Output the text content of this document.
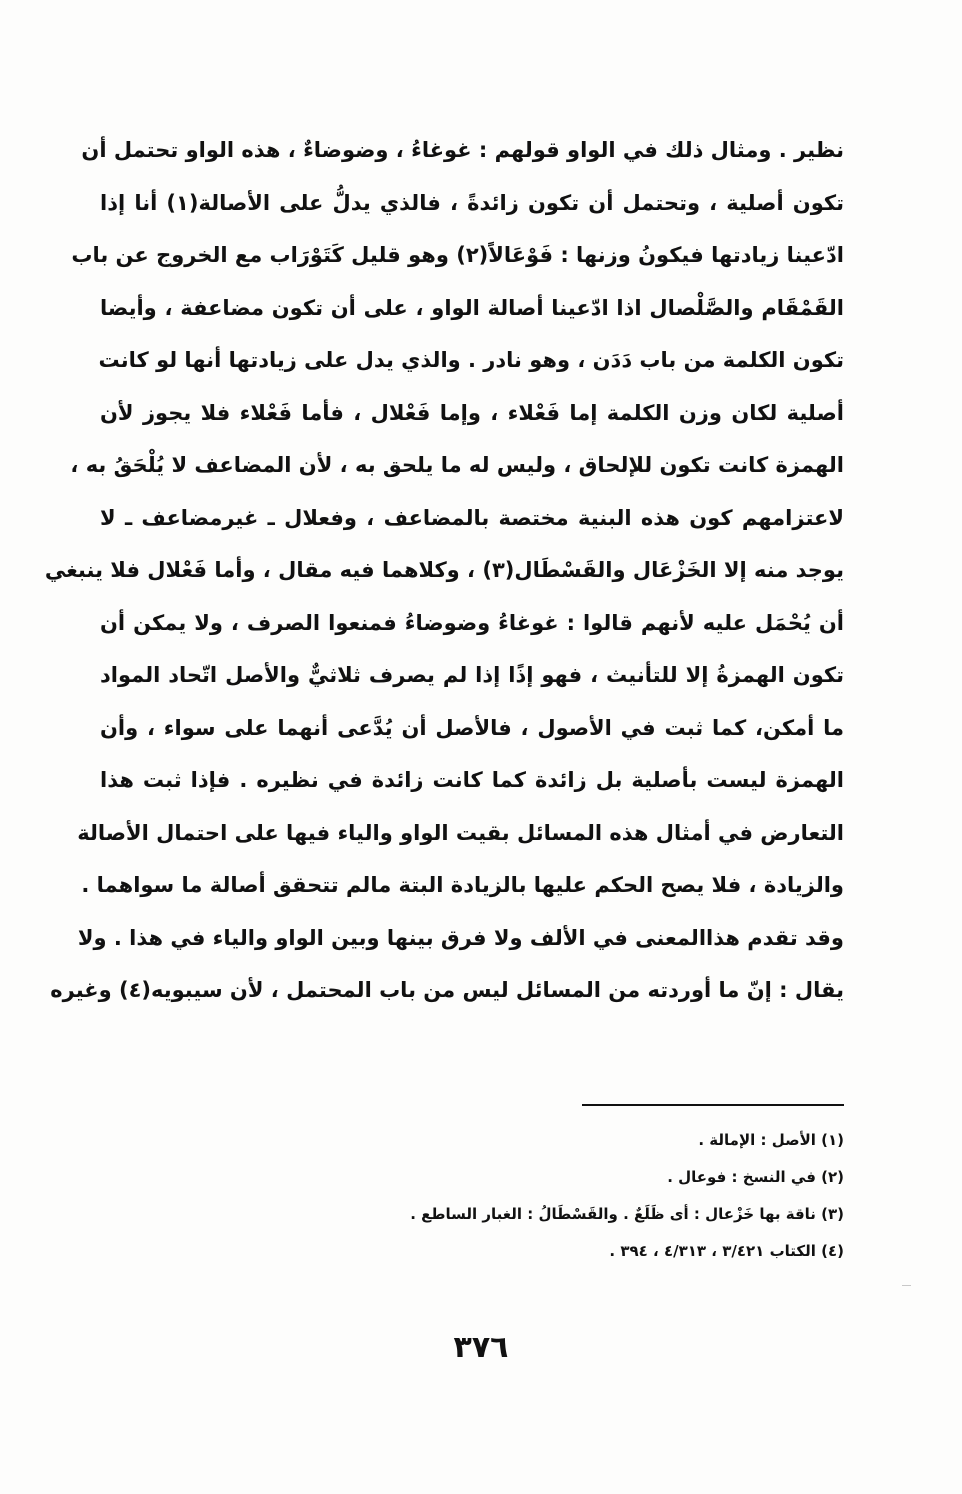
نظير . ومثال ذلك في الواو قولهم : غوغاءُ ، وضوضاءٌ ، هذه الواو تحتمل أن
تكون أصلية ، وتحتمل أن تكون زائدةً ، فالذي يدلُّ على الأصالة(١) أنا إذا
ادّعينا زيادتها فيكونُ وزنها : فَوْعَالاً(٢) وهو قليل كَتَوْرَاب مع الخروج عن باب
القَمْقَام والصَّلْصال اذا ادّعينا أصالة الواو ، على أن تكون مضاعفة ، وأيضا
تكون الكلمة من باب دَدَن ، وهو نادر . والذي يدل على زيادتها أنها لو كانت
أصلية لكان وزن الكلمة إما فَعْلاء ، وإما فَعْلال ، فأما فَعْلاء فلا يجوز لأن
الهمزة كانت تكون للإلحاق ، وليس له ما يلحق به ، لأن المضاعف لا يُلْحَقُ به ،
لاعتزامهم كون هذه البنية مختصة بالمضاعف ، وفعلال ـ غيرمضاعف ـ لا
يوجد منه إلا الخَزْعَال والقَسْطَال(٣) ، وكلاهما فيه مقال ، وأما فَعْلال فلا ينبغي
أن يُحْمَل عليه لأنهم قالوا : غوغاءُ وضوضاءُ فمنعوا الصرف ، ولا يمكن أن
تكون الهمزةُ إلا للتأنيث ، فهو إذًا إذا لم يصرف ثلاثيٌّ والأصل اتّحاد المواد
ما أمكن، كما ثبت في الأصول ، فالأصل أن يُدَّعى أنهما على سواء ، وأن
الهمزة ليست بأصلية بل زائدة كما كانت زائدة في نظيره . فإذا ثبت هذا
التعارض في أمثال هذه المسائل بقيت الواو والياء فيها على احتمال الأصالة
والزيادة ، فلا يصح الحكم عليها بالزيادة البتة مالم تتحقق أصالة ما سواهما .
وقد تقدم هذاالمعنى في الألف ولا فرق بينها وبين الواو والياء في هذا . ولا
يقال : إنّ ما أوردته من المسائل ليس من باب المحتمل ، لأن سيبويه(٤) وغيره
(١) الأصل : الإمالة .
(٢) في النسخ : فوعال .
(٣) ناقة بها خَزْعال : أى ظَلَعٌ . والقَسْطَالُ : الغبار الساطع .
(٤) الكتاب ٣/٤٢١ ، ٤/٣١٣ ، ٣٩٤ .
٣٧٦
